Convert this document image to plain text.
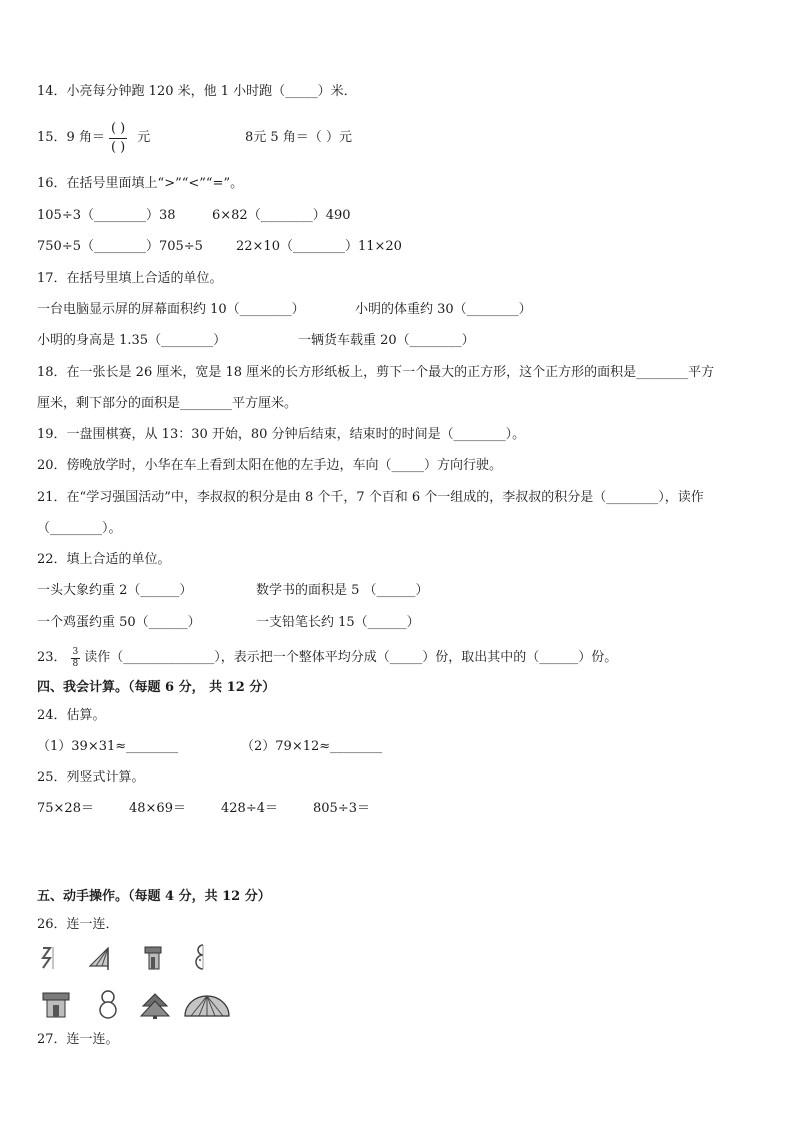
14．小亮每分钟跑 120 米，他 1 小时跑（_____）米．
15．9 角＝ $\frac{( )}{( )}$ 元	8元 5 角＝（ ）元
16．在括号里面填上“>”“<”“=”。
105÷3（________）38	6×82（________）490
750÷5（________）705÷5	22×10（________）11×20
17．在括号里填上合适的单位。
一台电脑显示屏的屏幕面积约 10（________）	小明的体重约 30（________）
小明的身高是 1.35（________）	一辆货车载重 20（________）
18．在一张长是 26 厘米，宽是 18 厘米的长方形纸板上，剪下一个最大的正方形，这个正方形的面积是________平方
厘米，剩下部分的面积是________平方厘米。
19．一盘围棋赛，从 13：30 开始，80 分钟后结束，结束时的时间是（________）。
20．傍晚放学时，小华在车上看到太阳在他的左手边，车向（_____）方向行驶。
21．在“学习强国活动”中，李叔叔的积分是由 8 个千，7 个百和 6 个一组成的，李叔叔的积分是（________），读作
（________）。
22．填上合适的单位。
一头大象约重 2（______）	数学书的面积是 5 （______）
一个鸡蛋约重 50（______）	一支铅笔长约 15（______）
23． $\frac{3}{8}$ 读作（______________），表示把一个整体平均分成（_____）份，取出其中的（______）份。
四、我会计算。（每题 6 分， 共 12 分）
24．估算。
（1）39×31≈________	（2）79×12≈________
25．列竖式计算。
75×28＝	48×69＝	428÷4＝	805÷3＝
五、动手操作。（每题 4 分，共 12 分）
26．连一连．
27．连一连。
